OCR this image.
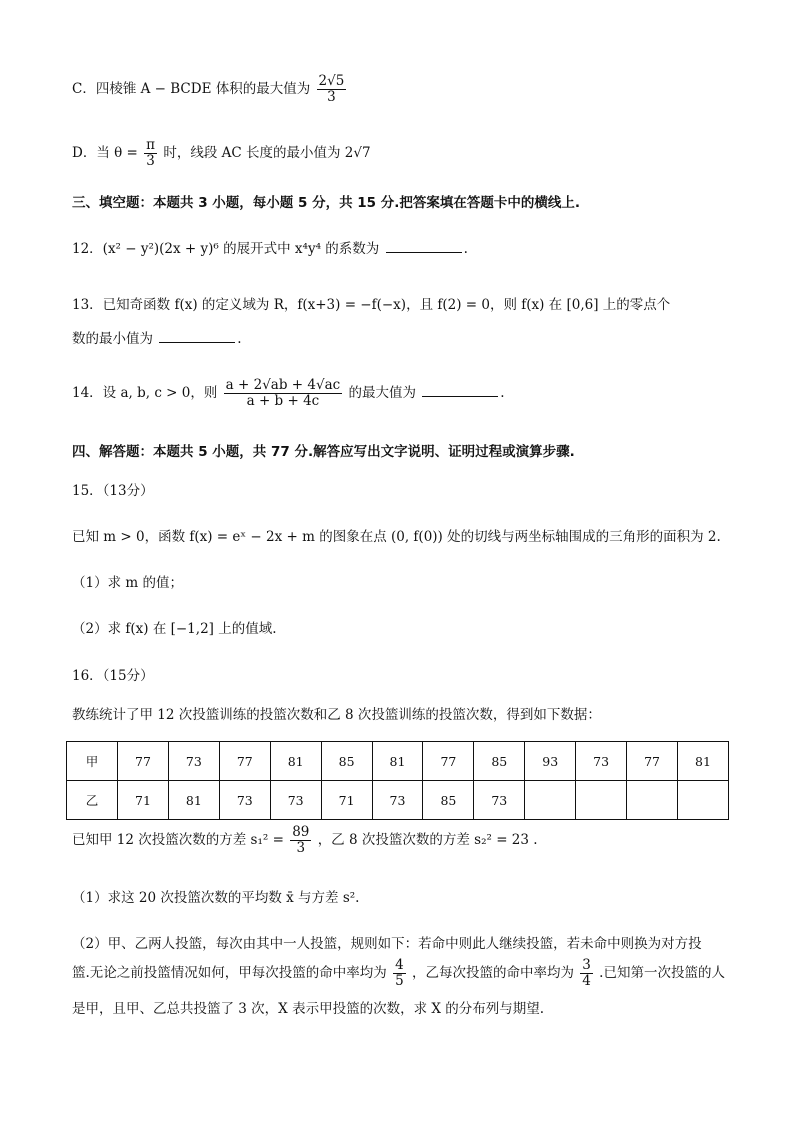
C．四棱锥 A − BCDE 体积的最大值为 $\frac{2√5}{3}$
D．当 $\theta = \frac{\pi}{3}$ 时，线段 AC 长度的最小值为 2√7
三、填空题：本题共 3 小题，每小题 5 分，共 15 分.把答案填在答题卡中的横线上.
12．(x² − y²)(2x + y)⁶ 的展开式中 x⁴y⁴ 的系数为	.
13．已知奇函数 f(x) 的定义域为 R，f(x+3) = −f(−x)，且 f(2) = 0，则 f(x) 在 [0,6] 上的零点个
数的最小值为	.
14．设 a, b, c > 0，则 $\frac{a + 2√ab + 4√ac}{a + b + 4c}$ 的最大值为	.
四、解答题：本题共 5 小题，共 77 分.解答应写出文字说明、证明过程或演算步骤.
15．（13分）
已知 m > 0，函数 f(x) = eˣ − 2x + m 的图象在点 (0, f(0)) 处的切线与两坐标轴围成的三角形的面积为 2.
（1）求 m 的值；
（2）求 f(x) 在 [−1,2] 上的值域.
16．（15分）
教练统计了甲 12 次投篮训练的投篮次数和乙 8 次投篮训练的投篮次数，得到如下数据：
甲	77	73	77	81	85	81	77	85	93	73	77	81
乙	71	81	73	73	71	73	85	73				
已知甲 12 次投篮次数的方差 $s_1^2 = \frac{89}{3}$ ，乙 8 次投篮次数的方差 s₂² = 23 .
（1）求这 20 次投篮次数的平均数 x̄ 与方差 s².
（2）甲、乙两人投篮，每次由其中一人投篮，规则如下：若命中则此人继续投篮，若未命中则换为对方投
篮.无论之前投篮情况如何，甲每次投篮的命中率均为 $\frac{4}{5}$ ，乙每次投篮的命中率均为 $\frac{3}{4}$ .已知第一次投篮的人
是甲，且甲、乙总共投篮了 3 次，X 表示甲投篮的次数，求 X 的分布列与期望.
